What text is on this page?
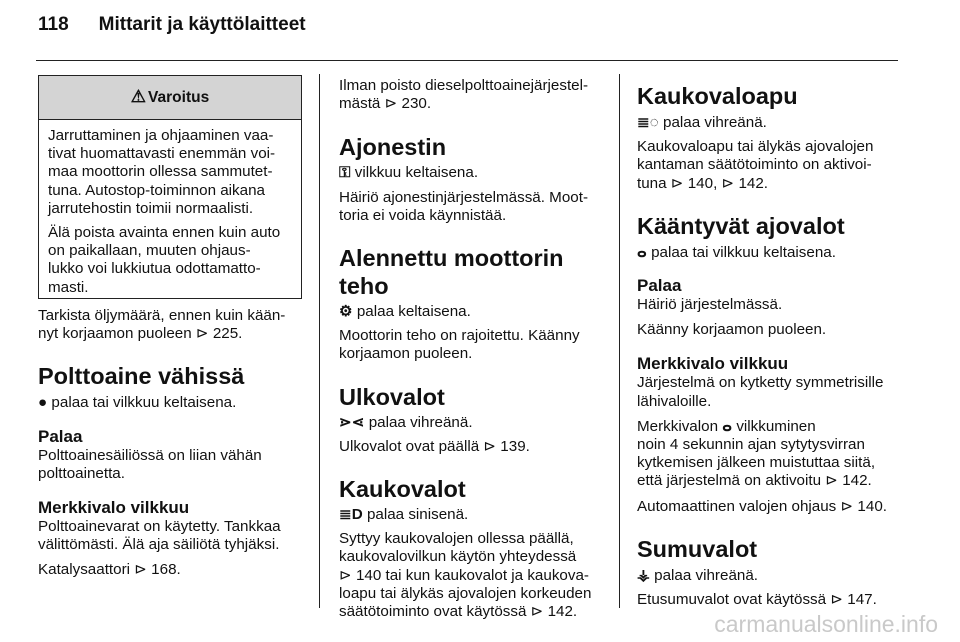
118 Mittarit ja käyttölaitteet
⚠ Varoitus

Jarruttaminen ja ohjaaminen vaa-
tivat huomattavasti enemmän voi-
maa moottorin ollessa sammutet-
tuna. Autostop-toiminnon aikana
jarrutehostin toimii normaalisti.

Älä poista avainta ennen kuin auto
on paikallaan, muuten ohjaus-
lukko voi lukkiutua odottamatto-
masti.

Tarkista öljymäärä, ennen kuin kään-
nyt korjaamon puoleen ⊳ 225.

Polttoaine vähissä

● palaa tai vilkkuu keltaisena.

Palaa

Polttoainesäiliössä on liian vähän
polttoainetta.

Merkkivalo vilkkuu

Polttoainevarat on käytetty. Tankkaa
välittömästi. Älä aja säiliötä tyhjäksi.

Katalysaattori ⊳ 168.

Ilman poisto dieselpolttoainejärjestel-
mästä ⊳ 230.

Ajonestin

⚿ vilkkuu keltaisena.

Häiriö ajonestinjärjestelmässä. Moot-
toria ei voida käynnistää.

Alennettu moottorin teho

⚙ palaa keltaisena.

Moottorin teho on rajoitettu. Käänny
korjaamon puoleen.

Ulkovalot

⋗⋖ palaa vihreänä.

Ulkovalot ovat päällä ⊳ 139.

Kaukovalot

≣D palaa sinisenä.

Syttyy kaukovalojen ollessa päällä,
kaukovalovilkun käytön yhteydessä
⊳ 140 tai kun kaukovalot ja kaukova-
loapu tai älykäs ajovalojen korkeuden
säätötoiminto ovat käytössä ⊳ 142.

Kaukovaloapu

≣◌ palaa vihreänä.

Kaukovaloapu tai älykäs ajovalojen
kantaman säätötoiminto on aktivoi-
tuna ⊳ 140, ⊳ 142.

Kääntyvät ajovalot

ⴰ palaa tai vilkkuu keltaisena.

Palaa

Häiriö järjestelmässä.

Käänny korjaamon puoleen.

Merkkivalo vilkkuu

Järjestelmä on kytketty symmetrisille
lähivaloille.

Merkkivalon ⴰ vilkkuminen
noin 4 sekunnin ajan sytytysvirran
kytkemisen jälkeen muistuttaa siitä,
että järjestelmä on aktivoitu ⊳ 142.

Automaattinen valojen ohjaus ⊳ 140.

Sumuvalot

⚶ palaa vihreänä.

Etusumuvalot ovat käytössä ⊳ 147.

carmanualsonline.info
